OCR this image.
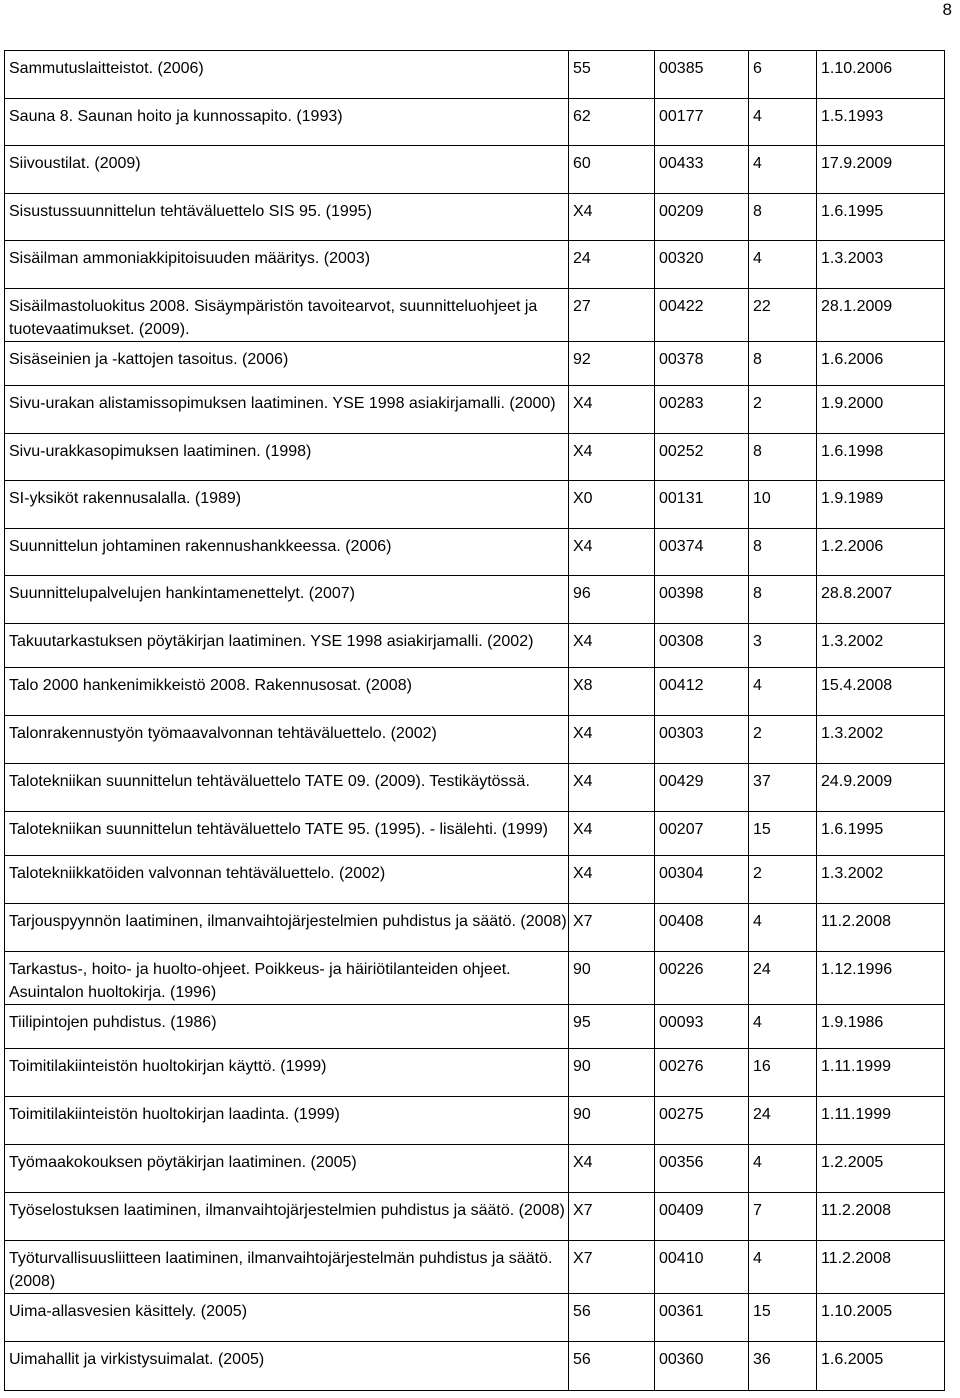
8
Sammutuslaitteistot. (2006)	55	00385	6	1.10.2006
Sauna 8. Saunan hoito ja kunnossapito. (1993)	62	00177	4	1.5.1993
Siivoustilat. (2009)	60	00433	4	17.9.2009
Sisustussuunnittelun tehtäväluettelo SIS 95. (1995)	X4	00209	8	1.6.1995
Sisäilman ammoniakkipitoisuuden määritys. (2003)	24	00320	4	1.3.2003
Sisäilmastoluokitus 2008. Sisäympäristön tavoitearvot, suunnitteluohjeet ja tuotevaatimukset. (2009).	27	00422	22	28.1.2009
Sisäseinien ja -kattojen tasoitus. (2006)	92	00378	8	1.6.2006
Sivu-urakan alistamissopimuksen laatiminen. YSE 1998 asiakirjamalli. (2000)	X4	00283	2	1.9.2000
Sivu-urakkasopimuksen laatiminen. (1998)	X4	00252	8	1.6.1998
SI-yksiköt rakennusalalla. (1989)	X0	00131	10	1.9.1989
Suunnittelun johtaminen rakennushankkeessa. (2006)	X4	00374	8	1.2.2006
Suunnittelupalvelujen hankintamenettelyt. (2007)	96	00398	8	28.8.2007
Takuutarkastuksen pöytäkirjan laatiminen. YSE 1998 asiakirjamalli. (2002)	X4	00308	3	1.3.2002
Talo 2000 hankenimikkeistö 2008. Rakennusosat. (2008)	X8	00412	4	15.4.2008
Talonrakennustyön työmaavalvonnan tehtäväluettelo. (2002)	X4	00303	2	1.3.2002
Talotekniikan suunnittelun tehtäväluettelo TATE 09. (2009). Testikäytössä.	X4	00429	37	24.9.2009
Talotekniikan suunnittelun tehtäväluettelo TATE 95. (1995). - lisälehti. (1999)	X4	00207	15	1.6.1995
Talotekniikkatöiden valvonnan tehtäväluettelo. (2002)	X4	00304	2	1.3.2002
Tarjouspyynnön laatiminen, ilmanvaihtojärjestelmien puhdistus ja säätö. (2008)	X7	00408	4	11.2.2008
Tarkastus-, hoito- ja huolto-ohjeet. Poikkeus- ja häiriötilanteiden ohjeet. Asuintalon huoltokirja. (1996)	90	00226	24	1.12.1996
Tiilipintojen puhdistus. (1986)	95	00093	4	1.9.1986
Toimitilakiinteistön huoltokirjan käyttö. (1999)	90	00276	16	1.11.1999
Toimitilakiinteistön huoltokirjan laadinta. (1999)	90	00275	24	1.11.1999
Työmaakokouksen pöytäkirjan laatiminen. (2005)	X4	00356	4	1.2.2005
Työselostuksen laatiminen, ilmanvaihtojärjestelmien puhdistus ja säätö. (2008)	X7	00409	7	11.2.2008
Työturvallisuusliitteen laatiminen, ilmanvaihtojärjestelmän puhdistus ja säätö. (2008)	X7	00410	4	11.2.2008
Uima-allasvesien käsittely. (2005)	56	00361	15	1.10.2005
Uimahallit ja virkistysuimalat. (2005)	56	00360	36	1.6.2005
